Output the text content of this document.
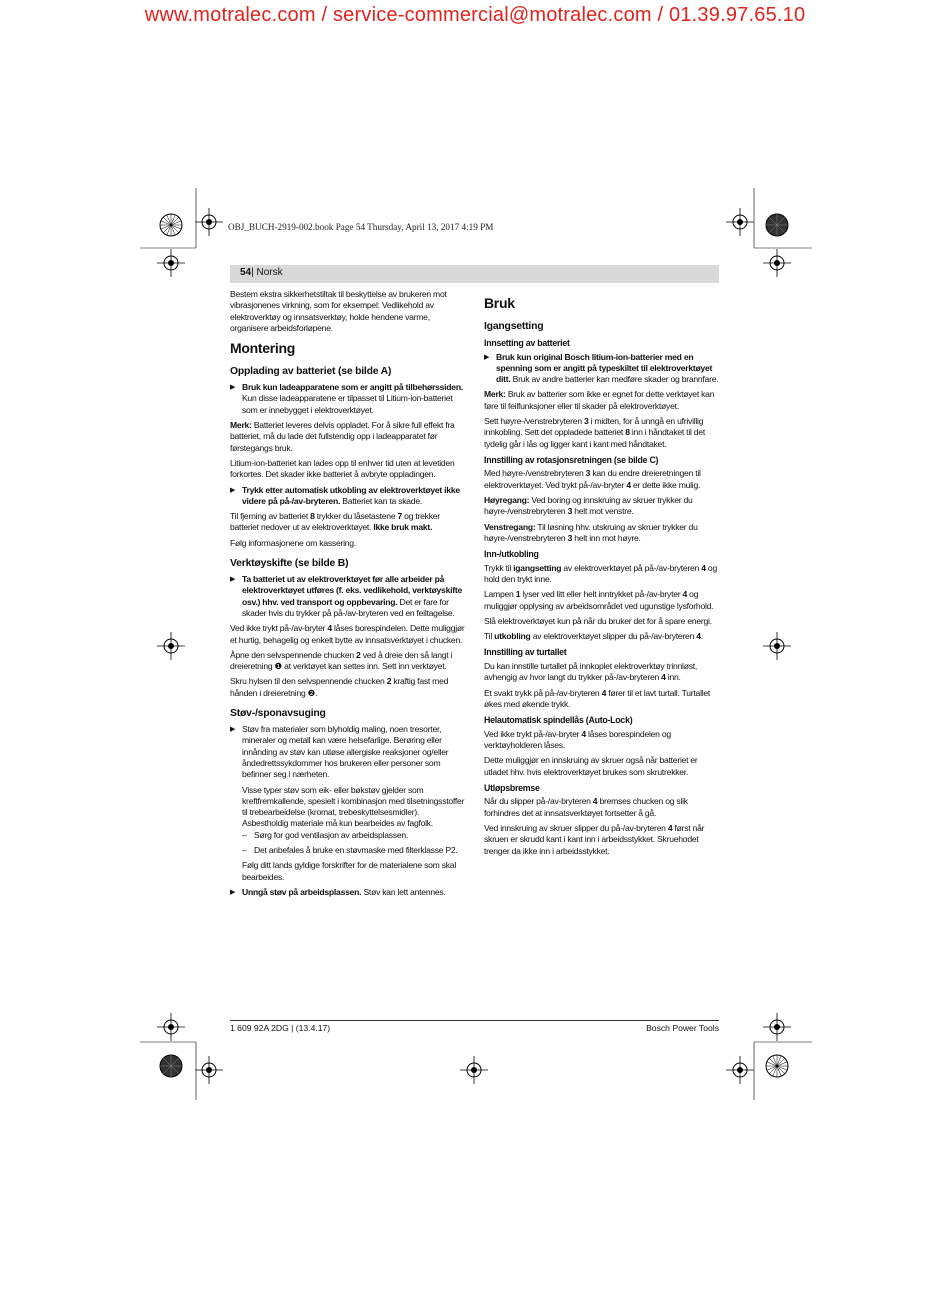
www.motralec.com / service-commercial@motralec.com / 01.39.97.65.10
OBJ_BUCH-2919-002.book Page 54 Thursday, April 13, 2017 4:19 PM
54| Norsk

Bestem ekstra sikkerhetstiltak til beskyttelse av brukeren mot vibrasjonenes virkning, som for eksempel: Vedlikehold av elektroverktøy og innsatsverktøy, holde hendene varme, organisere arbeidsforløpene.

Montering
Opplading av batteriet (se bilde A)
▶ Bruk kun ladeapparatene som er angitt på tilbehørssiden. Kun disse ladeapparatene er tilpasset til Litium-ion-batteriet som er innebygget i elektroverktøyet.

Merk: Batteriet leveres delvis oppladet. For å sikre full effekt fra batteriet, må du lade det fullstendig opp i ladeapparatet før førstegangs bruk.

Litium-ion-batteriet kan lades opp til enhver tid uten at levetiden forkortes. Det skader ikke batteriet å avbryte oppladingen.

▶ Trykk etter automatisk utkobling av elektroverktøyet ikke videre på på-/av-bryteren. Batteriet kan ta skade.

Til fjerning av batteriet 8 trykker du låsetastene 7 og trekker batteriet nedover ut av elektroverktøyet. Ikke bruk makt.

Følg informasjonene om kassering.

Verktøyskifte (se bilde B)
▶ Ta batteriet ut av elektroverktøyet før alle arbeider på elektroverktøyet utføres (f. eks. vedlikehold, verktøyskifte osv.) hhv. ved transport og oppbevaring. Det er fare for skader hvis du trykker på på-/av-bryteren ved en feiltagelse.

Ved ikke trykt på-/av-bryter 4 låses borespindelen. Dette muliggjør et hurtig, behagelig og enkelt bytte av innsatsverktøyet i chucken.

Åpne den selvspennende chucken 2 ved å dreie den så langt i dreieretning ❶ at verktøyet kan settes inn. Sett inn verktøyet.

Skru hylsen til den selvspennende chucken 2 kraftig fast med hånden i dreieretning ❷.

Støv-/sponavsuging
▶ Støv fra materialer som blyholdig maling, noen tresorter, mineraler og metall kan være helsefarlige. Berøring eller innånding av støv kan utløse allergiske reaksjoner og/eller åndedrettssykdommer hos brukeren eller personer som befinner seg i nærheten.

Visse typer støv som eik- eller bøkstøv gjelder som kreftfremkallende, spesielt i kombinasjon med tilsetningsstoffer til trebearbeidelse (kromat, trebeskyttelsesmidler). Asbestholdig materiale må kun bearbeides av fagfolk.

– Sørg for god ventilasjon av arbeidsplassen.

– Det anbefales å bruke en støvmaske med filterklasse P2.

Følg ditt lands gyldige forskrifter for de materialene som skal bearbeides.

▶ Unngå støv på arbeidsplassen. Støv kan lett antennes.
Bruk
Igangsetting
Innsetting av batteriet
▶ Bruk kun original Bosch litium-ion-batterier med en spenning som er angitt på typeskiltet til elektroverktøyet ditt. Bruk av andre batterier kan medføre skader og brannfare.

Merk: Bruk av batterier som ikke er egnet for dette verktøyet kan føre til feilfunksjoner eller til skader på elektroverktøyet.

Sett høyre-/venstrebryteren 3 i midten, for å unngå en ufrivillig innkobling. Sett det oppladede batteriet 8 inn i håndtaket til det tydelig går i lås og ligger kant i kant med håndtaket.

Innstilling av rotasjonsretningen (se bilde C)

Med høyre-/venstrebryteren 3 kan du endre dreieretningen til elektroverktøyet. Ved trykt på-/av-bryter 4 er dette ikke mulig.

Høyregang: Ved boring og innskruing av skruer trykker du høyre-/venstrebryteren 3 helt mot venstre.

Venstregang: Til løsning hhv. utskruing av skruer trykker du høyre-/venstrebryteren 3 helt inn mot høyre.

Inn-/utkobling

Trykk til igangsetting av elektroverktøyet på på-/av-bryteren 4 og hold den trykt inne.

Lampen 1 lyser ved litt eller helt inntrykket på-/av-bryter 4 og muliggjør opplysing av arbeidsområdet ved ugunstige lysforhold.

Slå elektroverktøyet kun på når du bruker det for å spare energi.

Til utkobling av elektroverktøyet slipper du på-/av-bryteren 4.

Innstilling av turtallet

Du kan innstille turtallet på innkoplet elektroverktøy trinnløst, avhengig av hvor langt du trykker på-/av-bryteren 4 inn.

Et svakt trykk på på-/av-bryteren 4 fører til et lavt turtall. Turtallet økes med økende trykk.

Helautomatisk spindellås (Auto-Lock)

Ved ikke trykt på-/av-bryter 4 låses borespindelen og verktøyholderen låses.

Dette muliggjør en innskruing av skruer også når batteriet er utladet hhv. hvis elektroverktøyet brukes som skrutrekker.

Utløpsbremse

Når du slipper på-/av-bryteren 4 bremses chucken og slik forhindres det at innsatsverktøyet fortsetter å gå.

Ved innskruing av skruer slipper du på-/av-bryteren 4 først når skruen er skrudd kant i kant inn i arbeidsstykket. Skruehodet trenger da ikke inn i arbeidsstykket.

1 609 92A 2DG | (13.4.17)	Bosch Power Tools
